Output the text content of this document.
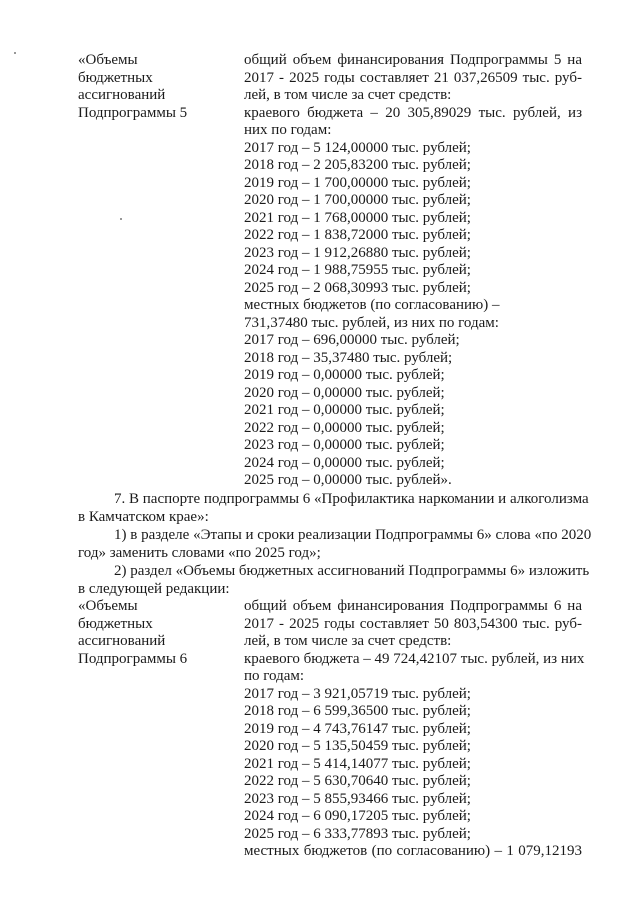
«Объемы
бюджетных
ассигнований
Подпрограммы 5
общий объем финансирования Подпрограммы 5 на
2017 - 2025 годы составляет 21 037,26509 тыс. руб-
лей, в том числе за счет средств:
краевого бюджета – 20 305,89029 тыс. рублей, из
них по годам:
2017 год – 5 124,00000 тыс. рублей;
2018 год – 2 205,83200 тыс. рублей;
2019 год – 1 700,00000 тыс. рублей;
2020 год – 1 700,00000 тыс. рублей;
2021 год – 1 768,00000 тыс. рублей;
2022 год – 1 838,72000 тыс. рублей;
2023 год – 1 912,26880 тыс. рублей;
2024 год – 1 988,75955 тыс. рублей;
2025 год – 2 068,30993 тыс. рублей;
местных бюджетов (по согласованию) –
731,37480 тыс. рублей, из них по годам:
2017 год – 696,00000 тыс. рублей;
2018 год – 35,37480 тыс. рублей;
2019 год – 0,00000 тыс. рублей;
2020 год – 0,00000 тыс. рублей;
2021 год – 0,00000 тыс. рублей;
2022 год – 0,00000 тыс. рублей;
2023 год – 0,00000 тыс. рублей;
2024 год – 0,00000 тыс. рублей;
2025 год – 0,00000 тыс. рублей».
7. В паспорте подпрограммы 6 «Профилактика наркомании и алкоголизма
в Камчатском крае»:
1) в разделе «Этапы и сроки реализации Подпрограммы 6» слова «по 2020
год» заменить словами «по 2025 год»;
2) раздел «Объемы бюджетных ассигнований Подпрограммы 6» изложить
в следующей редакции:
«Объемы
бюджетных
ассигнований
Подпрограммы 6
общий объем финансирования Подпрограммы 6 на
2017 - 2025 годы составляет 50 803,54300 тыс. руб-
лей, в том числе за счет средств:
краевого бюджета – 49 724,42107 тыс. рублей, из них
по годам:
2017 год – 3 921,05719 тыс. рублей;
2018 год – 6 599,36500 тыс. рублей;
2019 год – 4 743,76147 тыс. рублей;
2020 год – 5 135,50459 тыс. рублей;
2021 год – 5 414,14077 тыс. рублей;
2022 год – 5 630,70640 тыс. рублей;
2023 год – 5 855,93466 тыс. рублей;
2024 год – 6 090,17205 тыс. рублей;
2025 год – 6 333,77893 тыс. рублей;
местных бюджетов (по согласованию) – 1 079,12193
